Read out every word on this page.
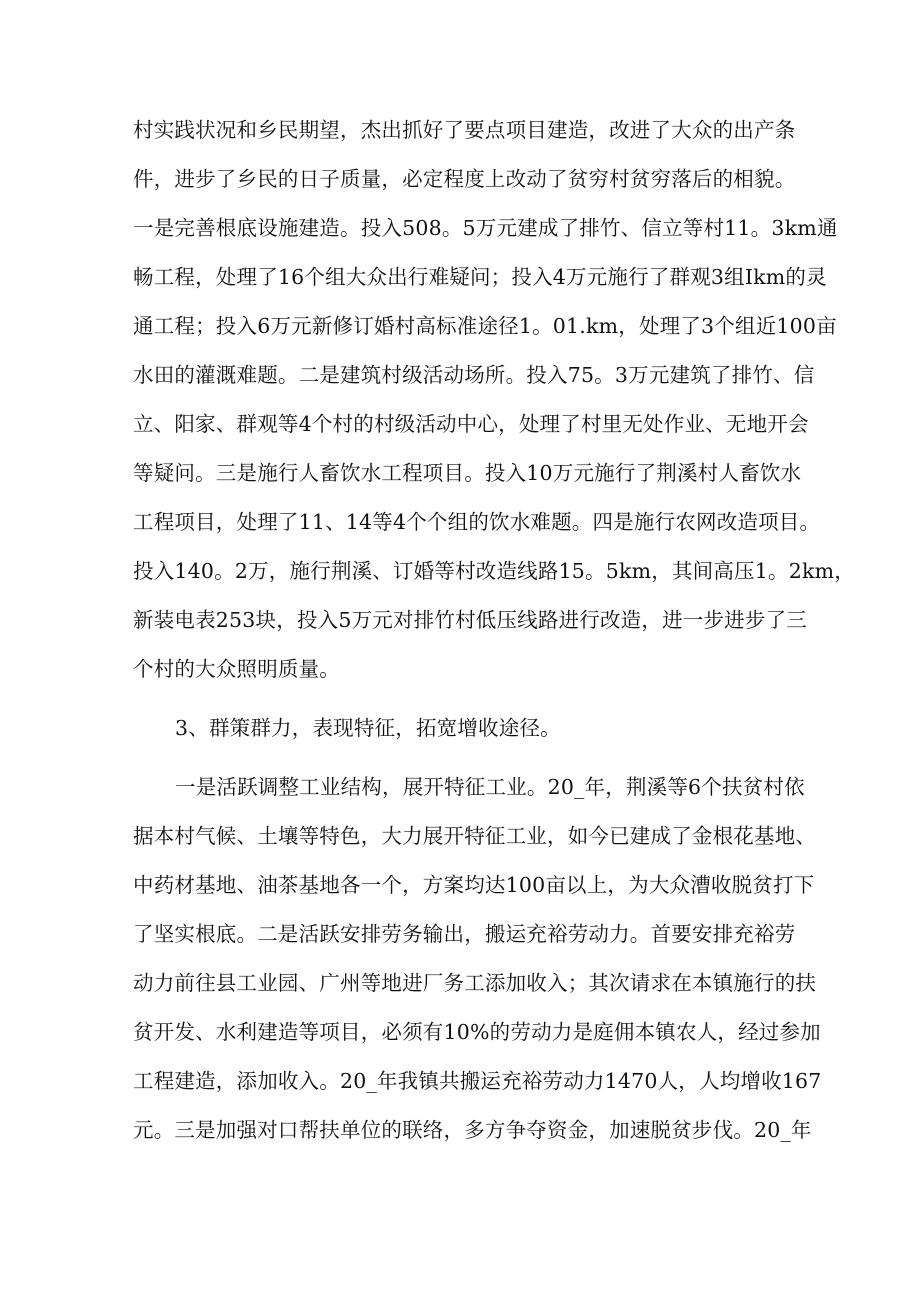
村实践状况和乡民期望，杰出抓好了要点项目建造，改进了大众的出产条
件，进步了乡民的日子质量，必定程度上改动了贫穷村贫穷落后的相貌。
一是完善根底设施建造。投入508。5万元建成了排竹、信立等村11。3km通
畅工程，处理了16个组大众出行难疑问；投入4万元施行了群观3组Ikm的灵
通工程；投入6万元新修订婚村高标准途径1。01.km，处理了3个组近100亩
水田的灌溉难题。二是建筑村级活动场所。投入75。3万元建筑了排竹、信
立、阳家、群观等4个村的村级活动中心，处理了村里无处作业、无地开会
等疑问。三是施行人畜饮水工程项目。投入10万元施行了荆溪村人畜饮水
工程项目，处理了11、14等4个个组的饮水难题。四是施行农网改造项目。
投入140。2万，施行荆溪、订婚等村改造线路15。5km，其间高压1。2km，
新装电表253块，投入5万元对排竹村低压线路进行改造，进一步进步了三
个村的大众照明质量。
3、群策群力，表现特征，拓宽增收途径。
一是活跃调整工业结构，展开特征工业。20_年，荆溪等6个扶贫村依
据本村气候、土壤等特色，大力展开特征工业，如今已建成了金根花基地、
中药材基地、油茶基地各一个，方案均达100亩以上，为大众漕收脱贫打下
了坚实根底。二是活跃安排劳务输出，搬运充裕劳动力。首要安排充裕劳
动力前往县工业园、广州等地进厂务工添加收入；其次请求在本镇施行的扶
贫开发、水利建造等项目，必须有10%的劳动力是庭佣本镇农人，经过参加
工程建造，添加收入。20_年我镇共搬运充裕劳动力1470人，人均增收167
元。三是加强对口帮扶单位的联络，多方争夺资金，加速脱贫步伐。20_年
